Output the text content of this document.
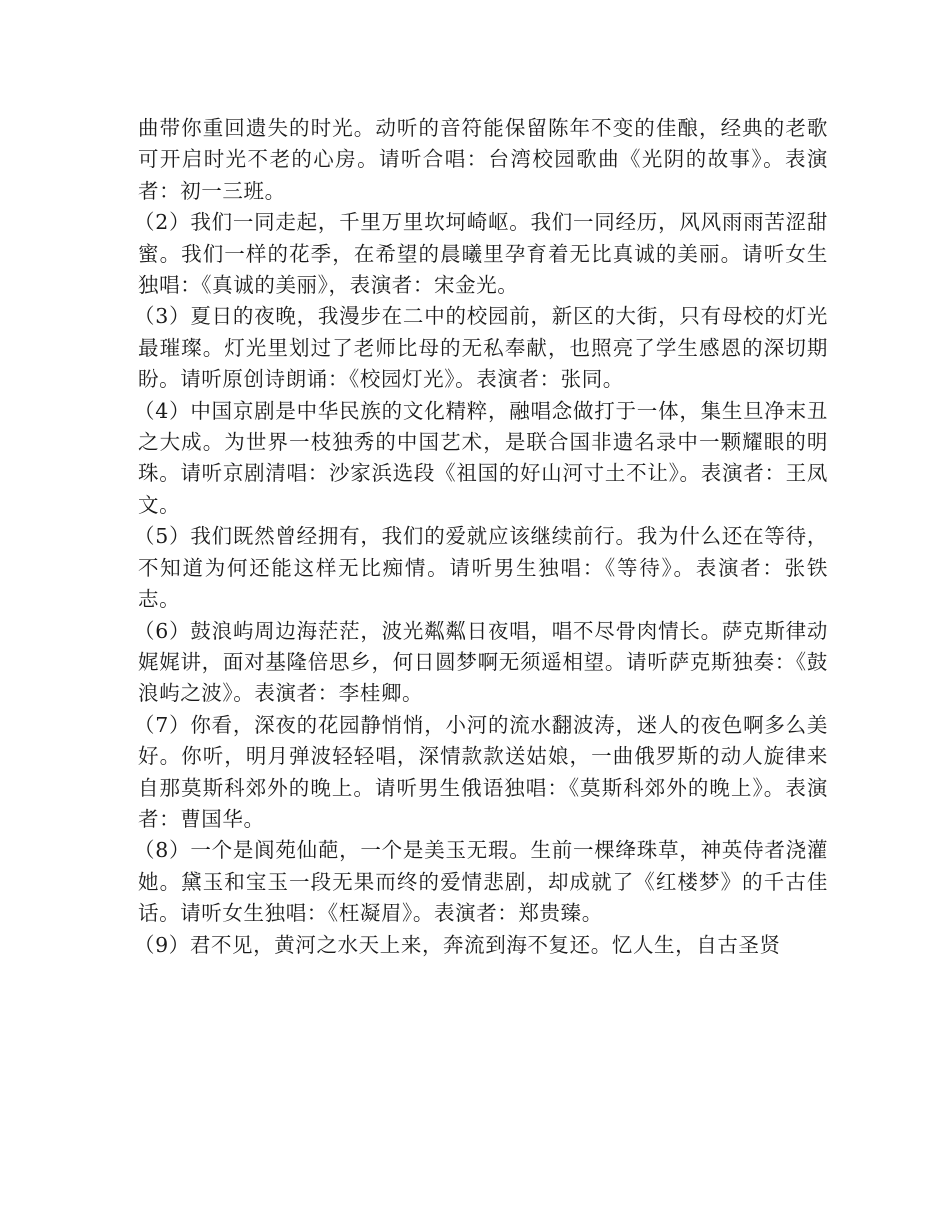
曲带你重回遗失的时光。动听的音符能保留陈年不变的佳酿，经典的老歌可开启时光不老的心房。请听合唱：台湾校园歌曲《光阴的故事》。表演者：初一三班。

（2）我们一同走起，千里万里坎坷崎岖。我们一同经历，风风雨雨苦涩甜蜜。我们一样的花季，在希望的晨曦里孕育着无比真诚的美丽。请听女生独唱：《真诚的美丽》，表演者：宋金光。

（3）夏日的夜晚，我漫步在二中的校园前，新区的大街，只有母校的灯光最璀璨。灯光里划过了老师比母的无私奉献，也照亮了学生感恩的深切期盼。请听原创诗朗诵：《校园灯光》。表演者：张同。

（4）中国京剧是中华民族的文化精粹，融唱念做打于一体，集生旦净末丑之大成。为世界一枝独秀的中国艺术，是联合国非遗名录中一颗耀眼的明珠。请听京剧清唱：沙家浜选段《祖国的好山河寸土不让》。表演者：王凤文。

（5）我们既然曾经拥有，我们的爱就应该继续前行。我为什么还在等待，不知道为何还能这样无比痴情。请听男生独唱：《等待》。表演者：张铁志。

（6）鼓浪屿周边海茫茫，波光粼粼日夜唱，唱不尽骨肉情长。萨克斯律动娓娓讲，面对基隆倍思乡，何日圆梦啊无须遥相望。请听萨克斯独奏：《鼓浪屿之波》。表演者：李桂卿。

（7）你看，深夜的花园静悄悄，小河的流水翻波涛，迷人的夜色啊多么美好。你听，明月弹波轻轻唱，深情款款送姑娘，一曲俄罗斯的动人旋律来自那莫斯科郊外的晚上。请听男生俄语独唱：《莫斯科郊外的晚上》。表演者：曹国华。

（8）一个是阆苑仙葩，一个是美玉无瑕。生前一棵绛珠草，神英侍者浇灌她。黛玉和宝玉一段无果而终的爱情悲剧，却成就了《红楼梦》的千古佳话。请听女生独唱：《枉凝眉》。表演者：郑贵臻。

（9）君不见，黄河之水天上来，奔流到海不复还。忆人生，自古圣贤
